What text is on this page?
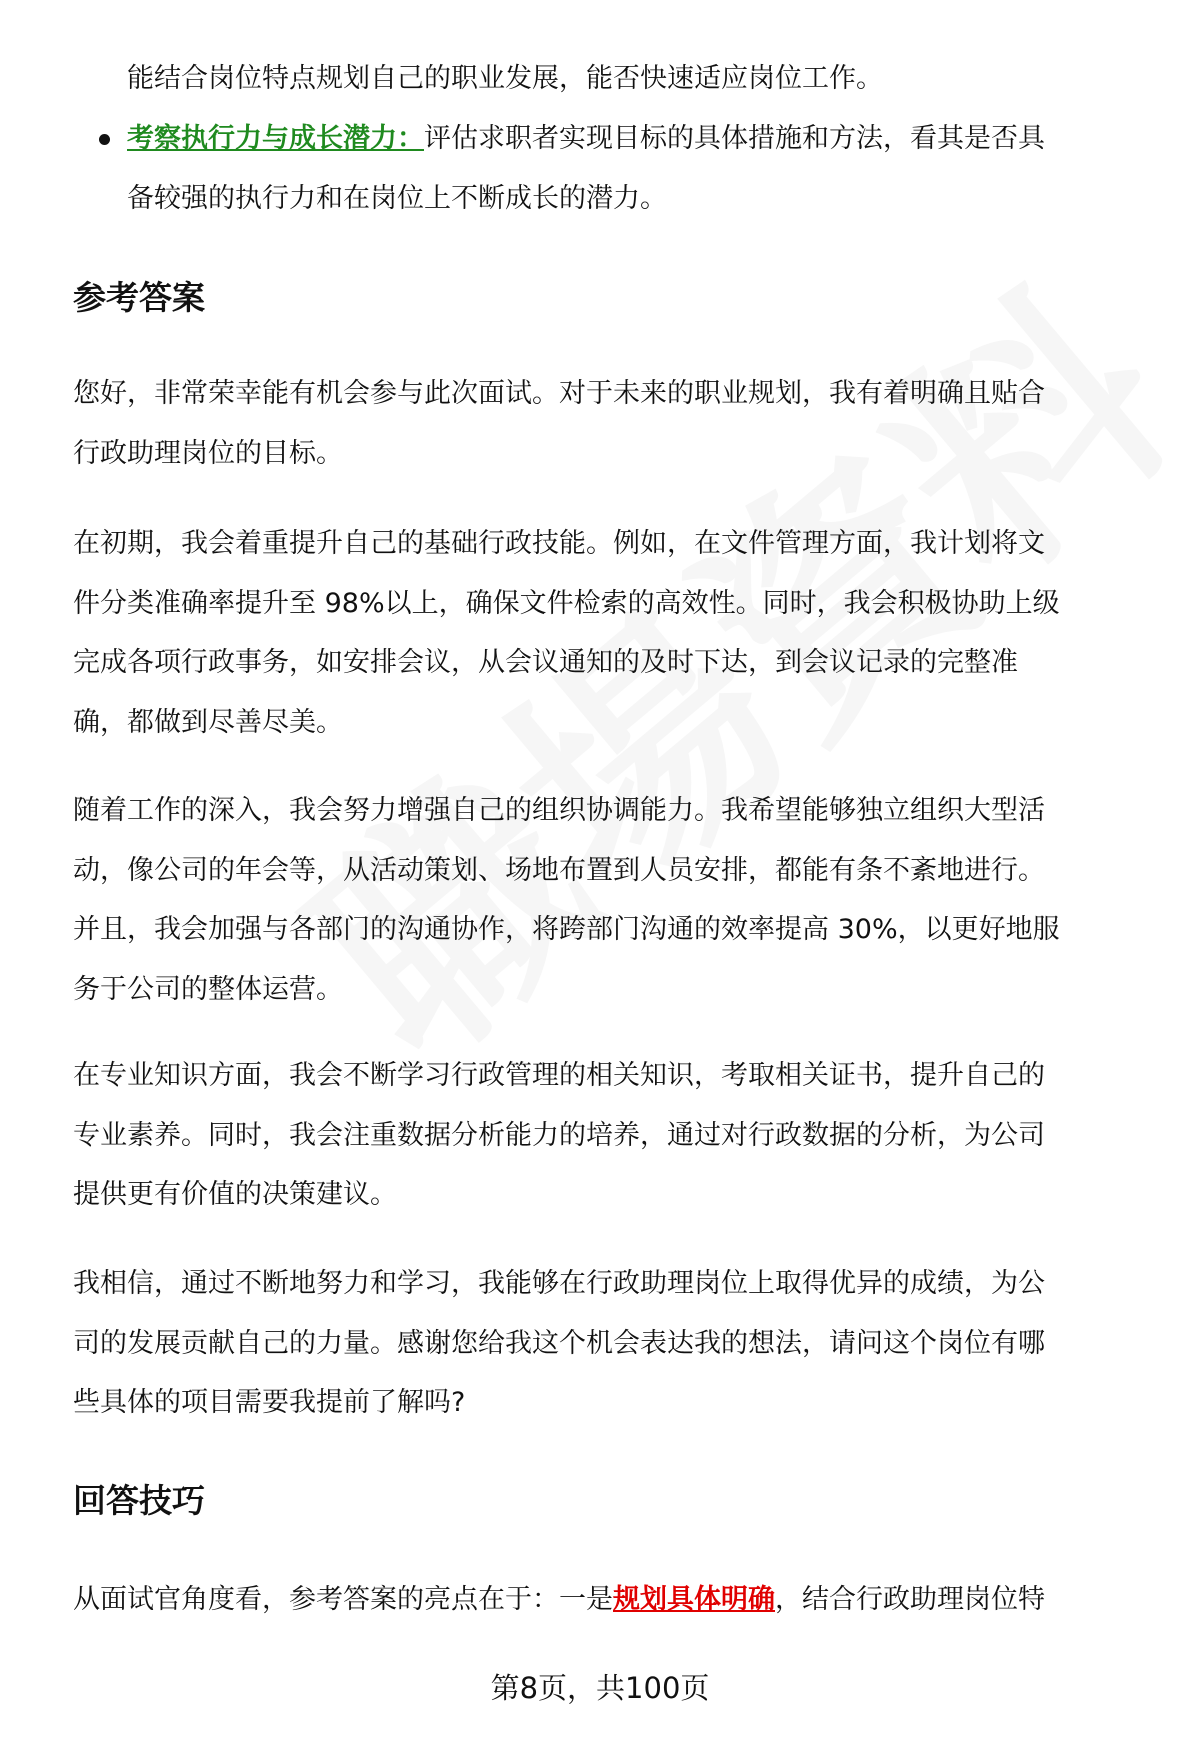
能结合岗位特点规划自己的职业发展，能否快速适应岗位工作。
考察执行力与成长潜力：评估求职者实现目标的具体措施和方法，看其是否具
备较强的执行力和在岗位上不断成长的潜力。
参考答案
您好，非常荣幸能有机会参与此次面试。对于未来的职业规划，我有着明确且贴合
行政助理岗位的目标。
在初期，我会着重提升自己的基础行政技能。例如，在文件管理方面，我计划将文
件分类准确率提升至 98%以上，确保文件检索的高效性。同时，我会积极协助上级
完成各项行政事务，如安排会议，从会议通知的及时下达，到会议记录的完整准
确，都做到尽善尽美。
随着工作的深入，我会努力增强自己的组织协调能力。我希望能够独立组织大型活
动，像公司的年会等，从活动策划、场地布置到人员安排，都能有条不紊地进行。
并且，我会加强与各部门的沟通协作，将跨部门沟通的效率提高 30%，以更好地服
务于公司的整体运营。
在专业知识方面，我会不断学习行政管理的相关知识，考取相关证书，提升自己的
专业素养。同时，我会注重数据分析能力的培养，通过对行政数据的分析，为公司
提供更有价值的决策建议。
我相信，通过不断地努力和学习，我能够在行政助理岗位上取得优异的成绩，为公
司的发展贡献自己的力量。感谢您给我这个机会表达我的想法，请问这个岗位有哪
些具体的项目需要我提前了解吗?
回答技巧
从面试官角度看，参考答案的亮点在于：一是规划具体明确，结合行政助理岗位特
第8页，共100页
